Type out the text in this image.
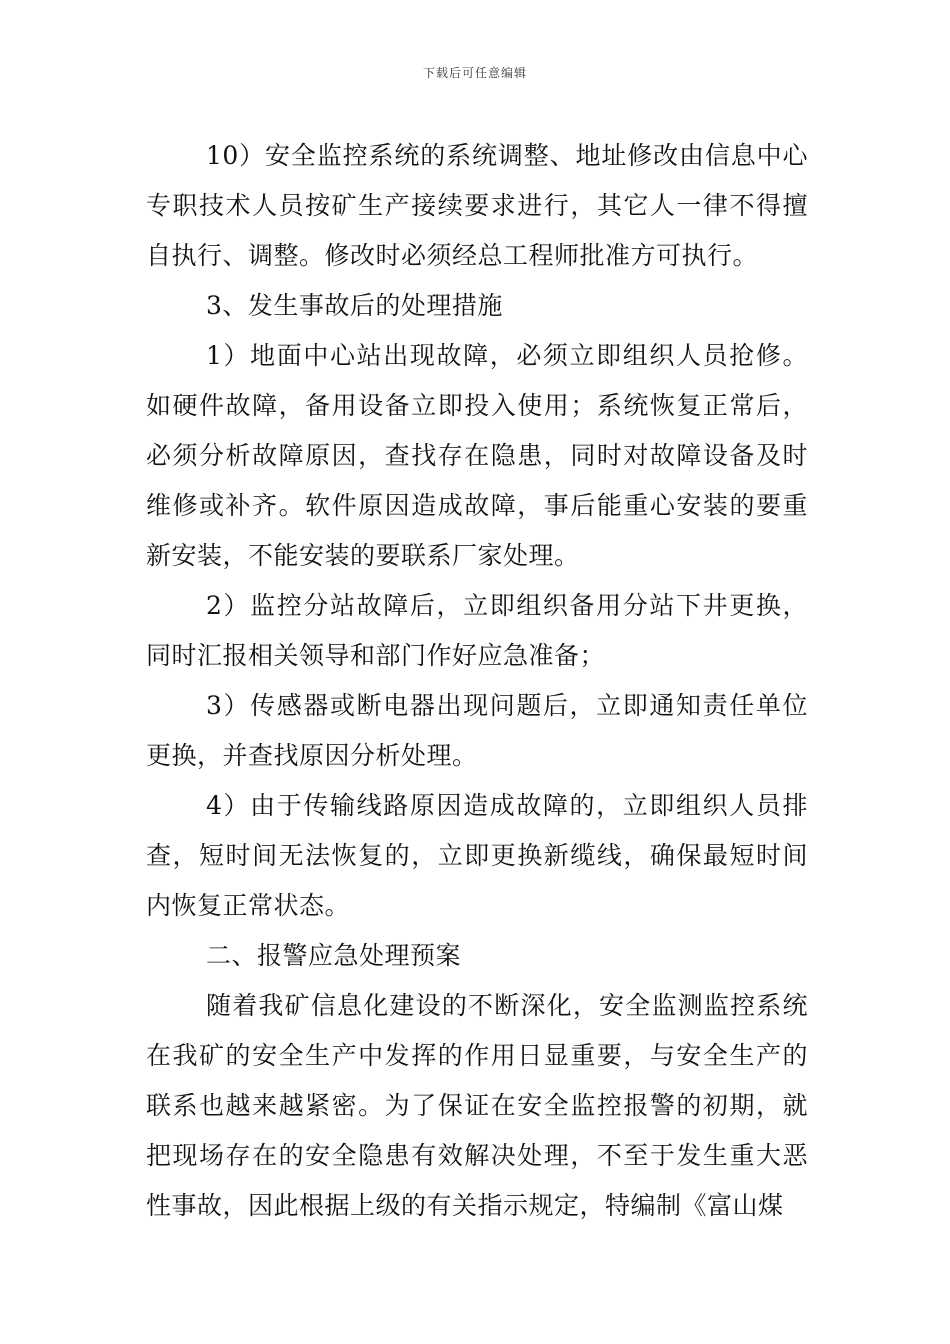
下载后可任意编辑

10）安全监控系统的系统调整、地址修改由信息中心专职技术人员按矿生产接续要求进行，其它人一律不得擅自执行、调整。修改时必须经总工程师批准方可执行。

3、发生事故后的处理措施

1）地面中心站出现故障，必须立即组织人员抢修。如硬件故障，备用设备立即投入使用；系统恢复正常后，必须分析故障原因，查找存在隐患，同时对故障设备及时维修或补齐。软件原因造成故障，事后能重心安装的要重新安装，不能安装的要联系厂家处理。

2）监控分站故障后，立即组织备用分站下井更换，同时汇报相关领导和部门作好应急准备；

3）传感器或断电器出现问题后，立即通知责任单位更换，并查找原因分析处理。

4）由于传输线路原因造成故障的，立即组织人员排查，短时间无法恢复的，立即更换新缆线，确保最短时间内恢复正常状态。

二、报警应急处理预案

随着我矿信息化建设的不断深化，安全监测监控系统在我矿的安全生产中发挥的作用日显重要，与安全生产的联系也越来越紧密。为了保证在安全监控报警的初期，就把现场存在的安全隐患有效解决处理，不至于发生重大恶性事故，因此根据上级的有关指示规定，特编制《富山煤
